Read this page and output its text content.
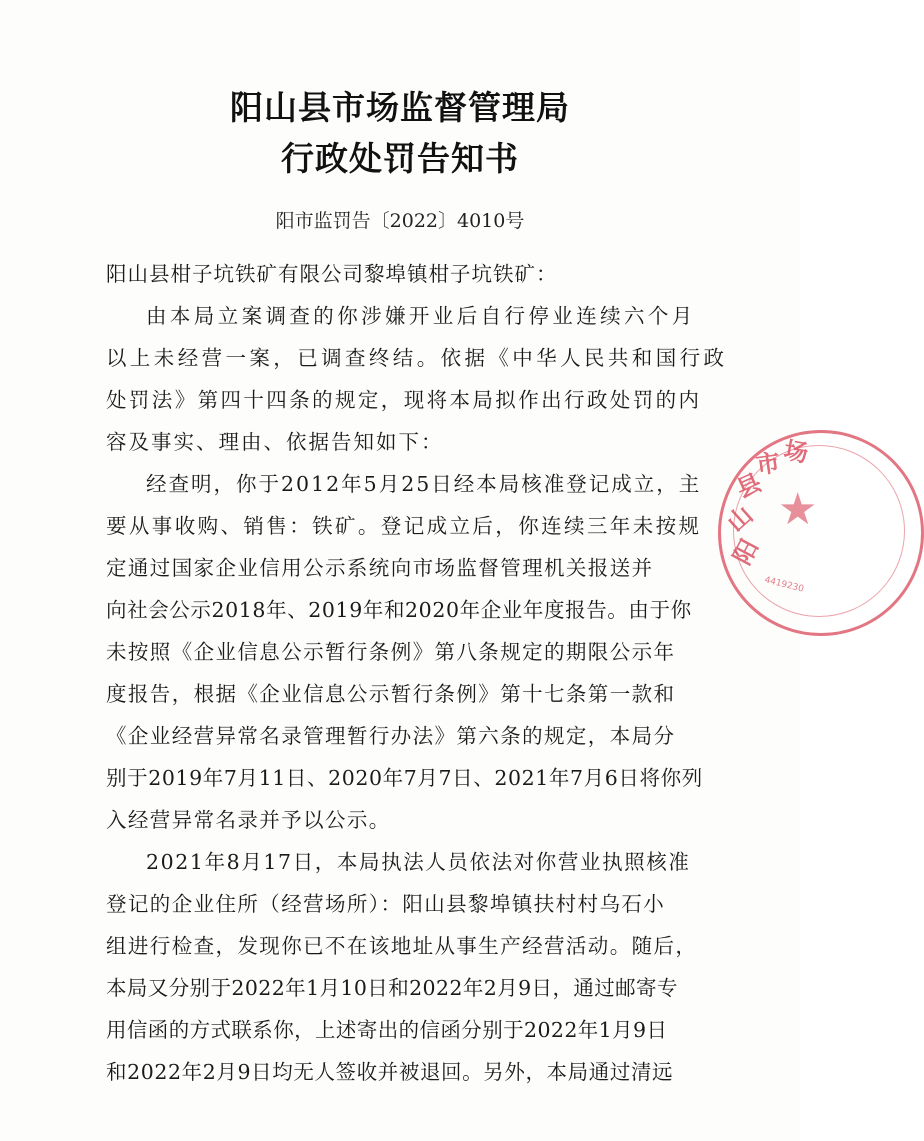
阳山县市场监督管理局
行政处罚告知书
阳市监罚告〔2022〕4010号
阳山县柑子坑铁矿有限公司黎埠镇柑子坑铁矿：
由本局立案调查的你涉嫌开业后自行停业连续六个月
以上未经营一案，已调查终结。依据《中华人民共和国行政
处罚法》第四十四条的规定，现将本局拟作出行政处罚的内
容及事实、理由、依据告知如下：
经查明，你于2012年5月25日经本局核准登记成立，主
要从事收购、销售：铁矿。登记成立后，你连续三年未按规
定通过国家企业信用公示系统向市场监督管理机关报送并
向社会公示2018年、2019年和2020年企业年度报告。由于你
未按照《企业信息公示暂行条例》第八条规定的期限公示年
度报告，根据《企业信息公示暂行条例》第十七条第一款和
《企业经营异常名录管理暂行办法》第六条的规定，本局分
别于2019年7月11日、2020年7月7日、2021年7月6日将你列
入经营异常名录并予以公示。
2021年8月17日，本局执法人员依法对你营业执照核准
登记的企业住所（经营场所）：阳山县黎埠镇扶村村乌石小
组进行检查，发现你已不在该地址从事生产经营活动。随后，
本局又分别于2022年1月10日和2022年2月9日，通过邮寄专
用信函的方式联系你，上述寄出的信函分别于2022年1月9日
和2022年2月9日均无人签收并被退回。另外，本局通过清远
★
阳
山
县
市 场
4419230
